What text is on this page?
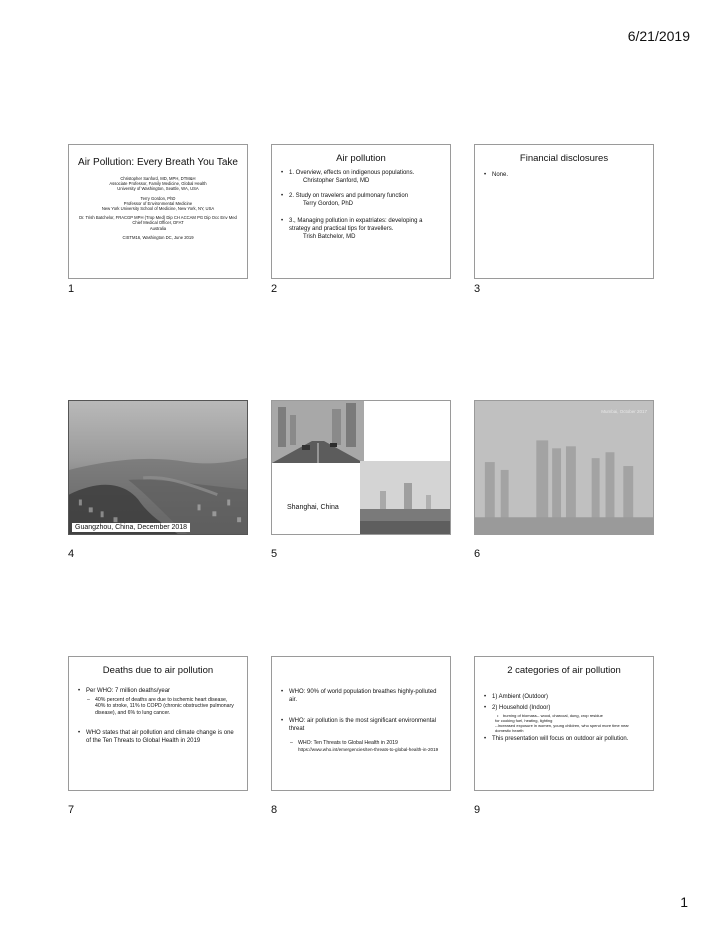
6/21/2019
Air Pollution: Every Breath You Take
Christopher Sanford, MD, MPH, DTM&H
Associate Professor, Family Medicine, Global Health
University of Washington, Seattle, WA, USA
Terry Gordon, PhD
Professor of Environmental Medicine
New York University School of Medicine, New York, NY, USA
Dr. Trish Batchelor, FRACGP MPH (Trop Med) Dip CH ACCAM PG Dip Occ Env Med
Chief Medical Officer, DFAT
Australia
CISTM16, Washington DC, June 2019
1
Air pollution
• 1. Overview, effects on indigenous populations.
Christopher Sanford, MD
• 2. Study on travelers and pulmonary function
Terry Gordon, PhD
• 3., Managing pollution in expatriates: developing a strategy and practical tips for travellers.
Trish Batchelor, MD
2
Financial disclosures
• None.
3
Guangzhou, China, December 2018
4
Shanghai, China
5
Mumbai, October 2017
6
Deaths due to air pollution
• Per WHO: 7 million deaths/year
– 40% percent of deaths are due to ischemic heart disease, 40% to stroke, 11% to COPD (chronic obstructive pulmonary disease), and 6% to lung cancer.
• WHO states that air pollution and climate change is one of the Ten Threats to Global Health in 2019
7
• WHO: 90% of world population breathes highly-polluted air.
• WHO: air pollution is the most significant environmental threat
– WHO: Ten Threats to Global Health in 2019
https://www.who.int/emergencies/ten-threats-to-global-health-in-2019
8
2 categories of air pollution
• 1) Ambient (Outdoor)
• 2) Household (Indoor)
• burning of biomass-- wood, charcoal, dung, crop residue
for cooking fuel, heating, lighting
--Increased exposure in women, young children, who spend more time near domestic hearth
• This presentation will focus on outdoor air pollution.
9
1
